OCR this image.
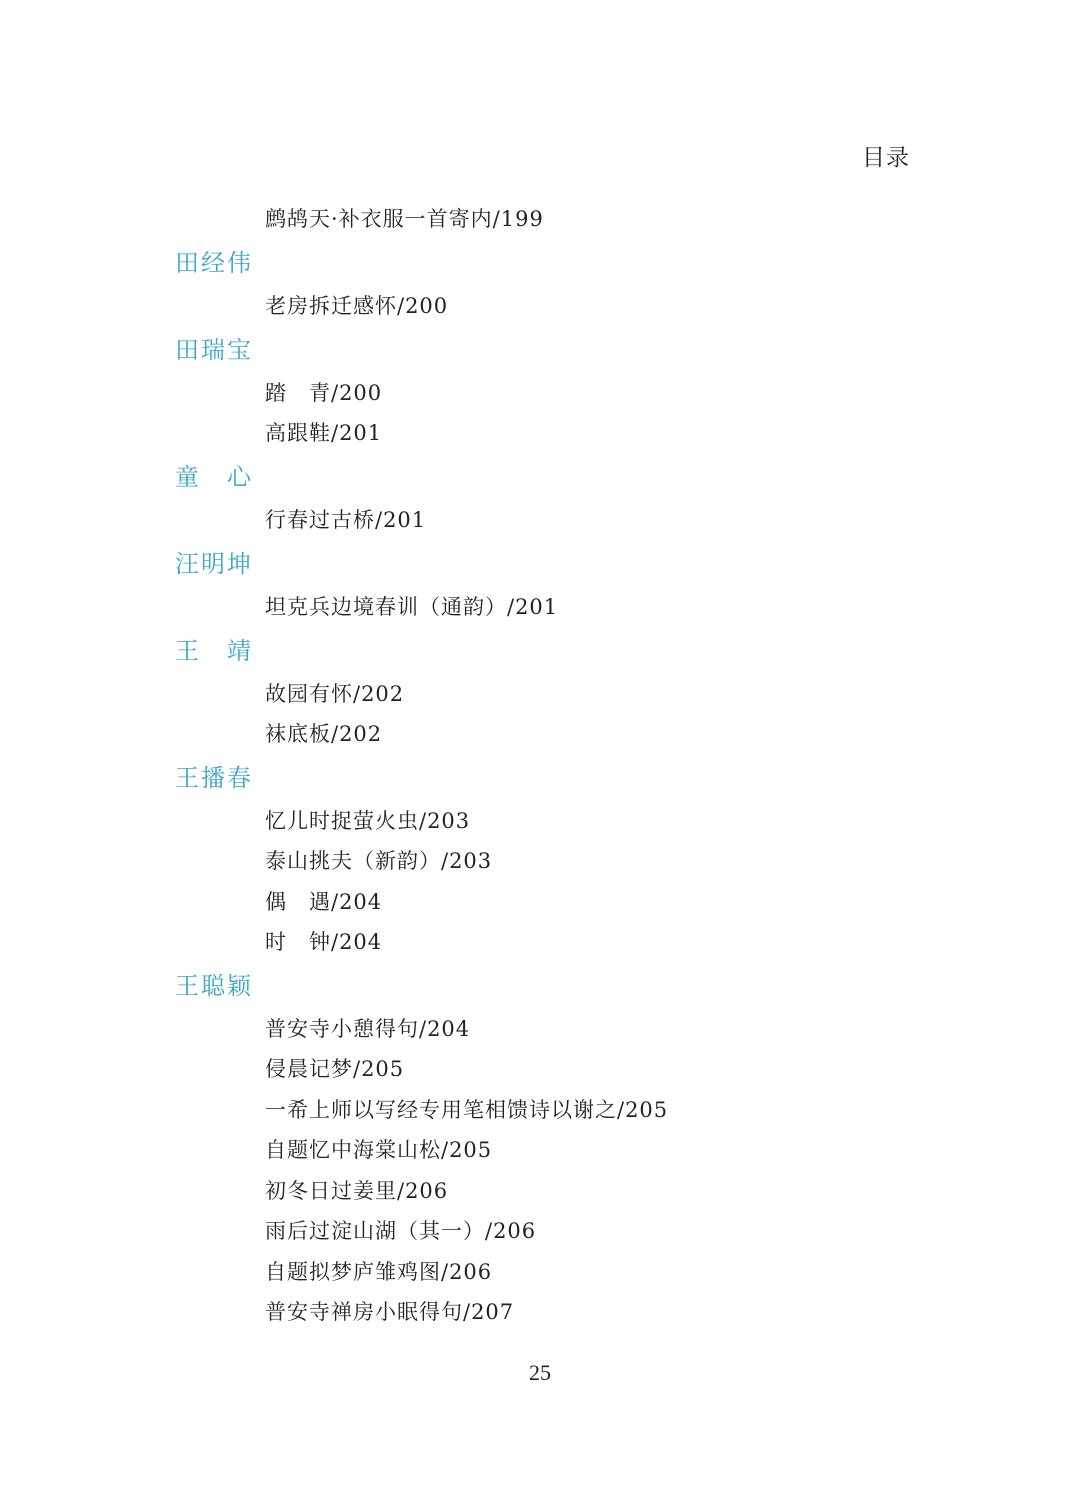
目录
鹧鸪天·补衣服一首寄内/199
田经伟
老房拆迁感怀/200
田瑞宝
踏　青/200
高跟鞋/201
童　心
行春过古桥/201
汪明坤
坦克兵边境春训（通韵）/201
王　靖
故园有怀/202
袜底板/202
王播春
忆儿时捉萤火虫/203
泰山挑夫（新韵）/203
偶　遇/204
时　钟/204
王聪颖
普安寺小憩得句/204
侵晨记梦/205
一希上师以写经专用笔相馈诗以谢之/205
自题忆中海棠山松/205
初冬日过姜里/206
雨后过淀山湖（其一）/206
自题拟梦庐雏鸡图/206
普安寺禅房小眠得句/207
25
